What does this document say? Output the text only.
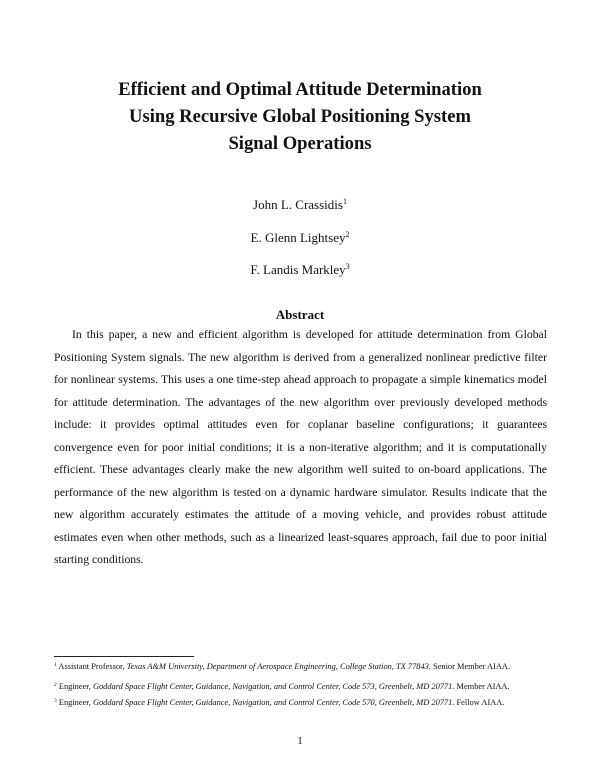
Efficient and Optimal Attitude Determination
Using Recursive Global Positioning System
Signal Operations
John L. Crassidis$^1$
E. Glenn Lightsey$^2$
F. Landis Markley$^3$
Abstract

In this paper, a new and efficient algorithm is developed for attitude determination from Global Positioning System signals. The new algorithm is derived from a generalized nonlinear predictive filter for nonlinear systems. This uses a one time-step ahead approach to propagate a simple kinematics model for attitude determination. The advantages of the new algorithm over previously developed methods include: it provides optimal attitudes even for coplanar baseline configurations; it guarantees convergence even for poor initial conditions; it is a non-iterative algorithm; and it is computationally efficient. These advantages clearly make the new algorithm well suited to on-board applications. The performance of the new algorithm is tested on a dynamic hardware simulator. Results indicate that the new algorithm accurately estimates the attitude of a moving vehicle, and provides robust attitude estimates even when other methods, such as a linearized least-squares approach, fail due to poor initial starting conditions.

$^1$ Assistant Professor, Texas A&M University, Department of Aerospace Engineering, College Station, TX 77843. Senior Member AIAA.
$^2$ Engineer, Goddard Space Flight Center, Guidance, Navigation, and Control Center, Code 573, Greenbelt, MD 20771. Member AIAA.
$^3$ Engineer, Goddard Space Flight Center, Guidance, Navigation, and Control Center, Code 570, Greenbelt, MD 20771. Fellow AIAA.
1
